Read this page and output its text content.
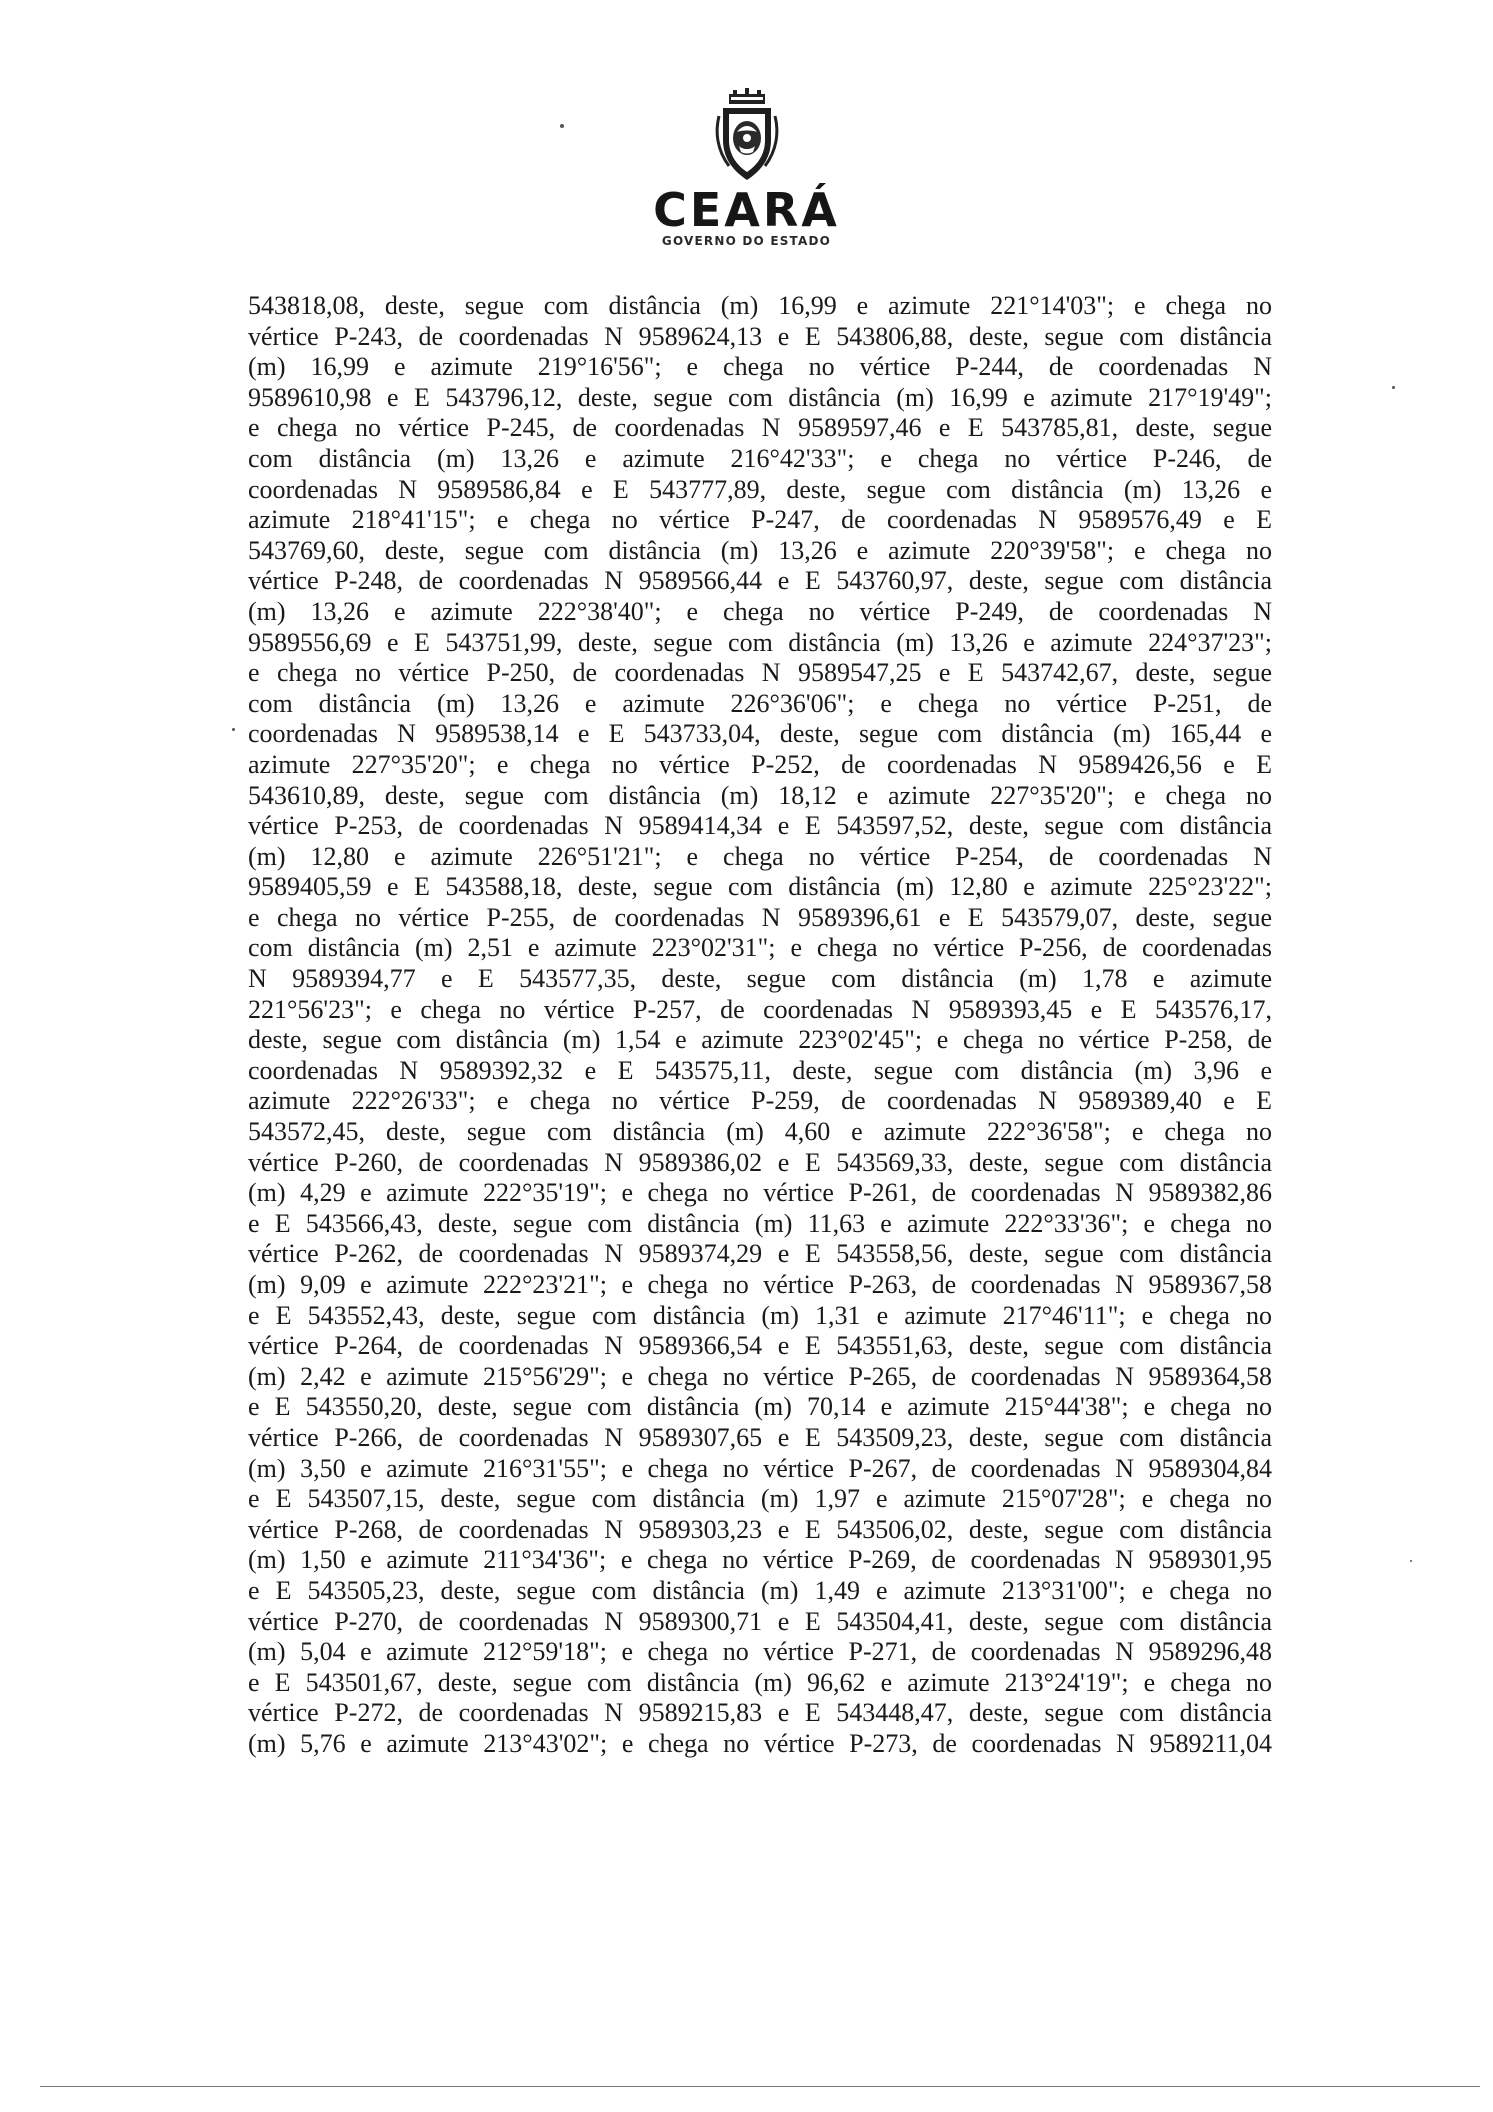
CEARÁ
GOVERNO DO ESTADO
543818,08, deste, segue com distância (m) 16,99 e azimute 221°14'03"; e chega no
vértice P-243, de coordenadas N 9589624,13 e E 543806,88, deste, segue com distância
(m) 16,99 e azimute 219°16'56"; e chega no vértice P-244, de coordenadas N
9589610,98 e E 543796,12, deste, segue com distância (m) 16,99 e azimute 217°19'49";
e chega no vértice P-245, de coordenadas N 9589597,46 e E 543785,81, deste, segue
com distância (m) 13,26 e azimute 216°42'33"; e chega no vértice P-246, de
coordenadas N 9589586,84 e E 543777,89, deste, segue com distância (m) 13,26 e
azimute 218°41'15"; e chega no vértice P-247, de coordenadas N 9589576,49 e E
543769,60, deste, segue com distância (m) 13,26 e azimute 220°39'58"; e chega no
vértice P-248, de coordenadas N 9589566,44 e E 543760,97, deste, segue com distância
(m) 13,26 e azimute 222°38'40"; e chega no vértice P-249, de coordenadas N
9589556,69 e E 543751,99, deste, segue com distância (m) 13,26 e azimute 224°37'23";
e chega no vértice P-250, de coordenadas N 9589547,25 e E 543742,67, deste, segue
com distância (m) 13,26 e azimute 226°36'06"; e chega no vértice P-251, de
coordenadas N 9589538,14 e E 543733,04, deste, segue com distância (m) 165,44 e
azimute 227°35'20"; e chega no vértice P-252, de coordenadas N 9589426,56 e E
543610,89, deste, segue com distância (m) 18,12 e azimute 227°35'20"; e chega no
vértice P-253, de coordenadas N 9589414,34 e E 543597,52, deste, segue com distância
(m) 12,80 e azimute 226°51'21"; e chega no vértice P-254, de coordenadas N
9589405,59 e E 543588,18, deste, segue com distância (m) 12,80 e azimute 225°23'22";
e chega no vértice P-255, de coordenadas N 9589396,61 e E 543579,07, deste, segue
com distância (m) 2,51 e azimute 223°02'31"; e chega no vértice P-256, de coordenadas
N 9589394,77 e E 543577,35, deste, segue com distância (m) 1,78 e azimute
221°56'23"; e chega no vértice P-257, de coordenadas N 9589393,45 e E 543576,17,
deste, segue com distância (m) 1,54 e azimute 223°02'45"; e chega no vértice P-258, de
coordenadas N 9589392,32 e E 543575,11, deste, segue com distância (m) 3,96 e
azimute 222°26'33"; e chega no vértice P-259, de coordenadas N 9589389,40 e E
543572,45, deste, segue com distância (m) 4,60 e azimute 222°36'58"; e chega no
vértice P-260, de coordenadas N 9589386,02 e E 543569,33, deste, segue com distância
(m) 4,29 e azimute 222°35'19"; e chega no vértice P-261, de coordenadas N 9589382,86
e E 543566,43, deste, segue com distância (m) 11,63 e azimute 222°33'36"; e chega no
vértice P-262, de coordenadas N 9589374,29 e E 543558,56, deste, segue com distância
(m) 9,09 e azimute 222°23'21"; e chega no vértice P-263, de coordenadas N 9589367,58
e E 543552,43, deste, segue com distância (m) 1,31 e azimute 217°46'11"; e chega no
vértice P-264, de coordenadas N 9589366,54 e E 543551,63, deste, segue com distância
(m) 2,42 e azimute 215°56'29"; e chega no vértice P-265, de coordenadas N 9589364,58
e E 543550,20, deste, segue com distância (m) 70,14 e azimute 215°44'38"; e chega no
vértice P-266, de coordenadas N 9589307,65 e E 543509,23, deste, segue com distância
(m) 3,50 e azimute 216°31'55"; e chega no vértice P-267, de coordenadas N 9589304,84
e E 543507,15, deste, segue com distância (m) 1,97 e azimute 215°07'28"; e chega no
vértice P-268, de coordenadas N 9589303,23 e E 543506,02, deste, segue com distância
(m) 1,50 e azimute 211°34'36"; e chega no vértice P-269, de coordenadas N 9589301,95
e E 543505,23, deste, segue com distância (m) 1,49 e azimute 213°31'00"; e chega no
vértice P-270, de coordenadas N 9589300,71 e E 543504,41, deste, segue com distância
(m) 5,04 e azimute 212°59'18"; e chega no vértice P-271, de coordenadas N 9589296,48
e E 543501,67, deste, segue com distância (m) 96,62 e azimute 213°24'19"; e chega no
vértice P-272, de coordenadas N 9589215,83 e E 543448,47, deste, segue com distância
(m) 5,76 e azimute 213°43'02"; e chega no vértice P-273, de coordenadas N 9589211,04
